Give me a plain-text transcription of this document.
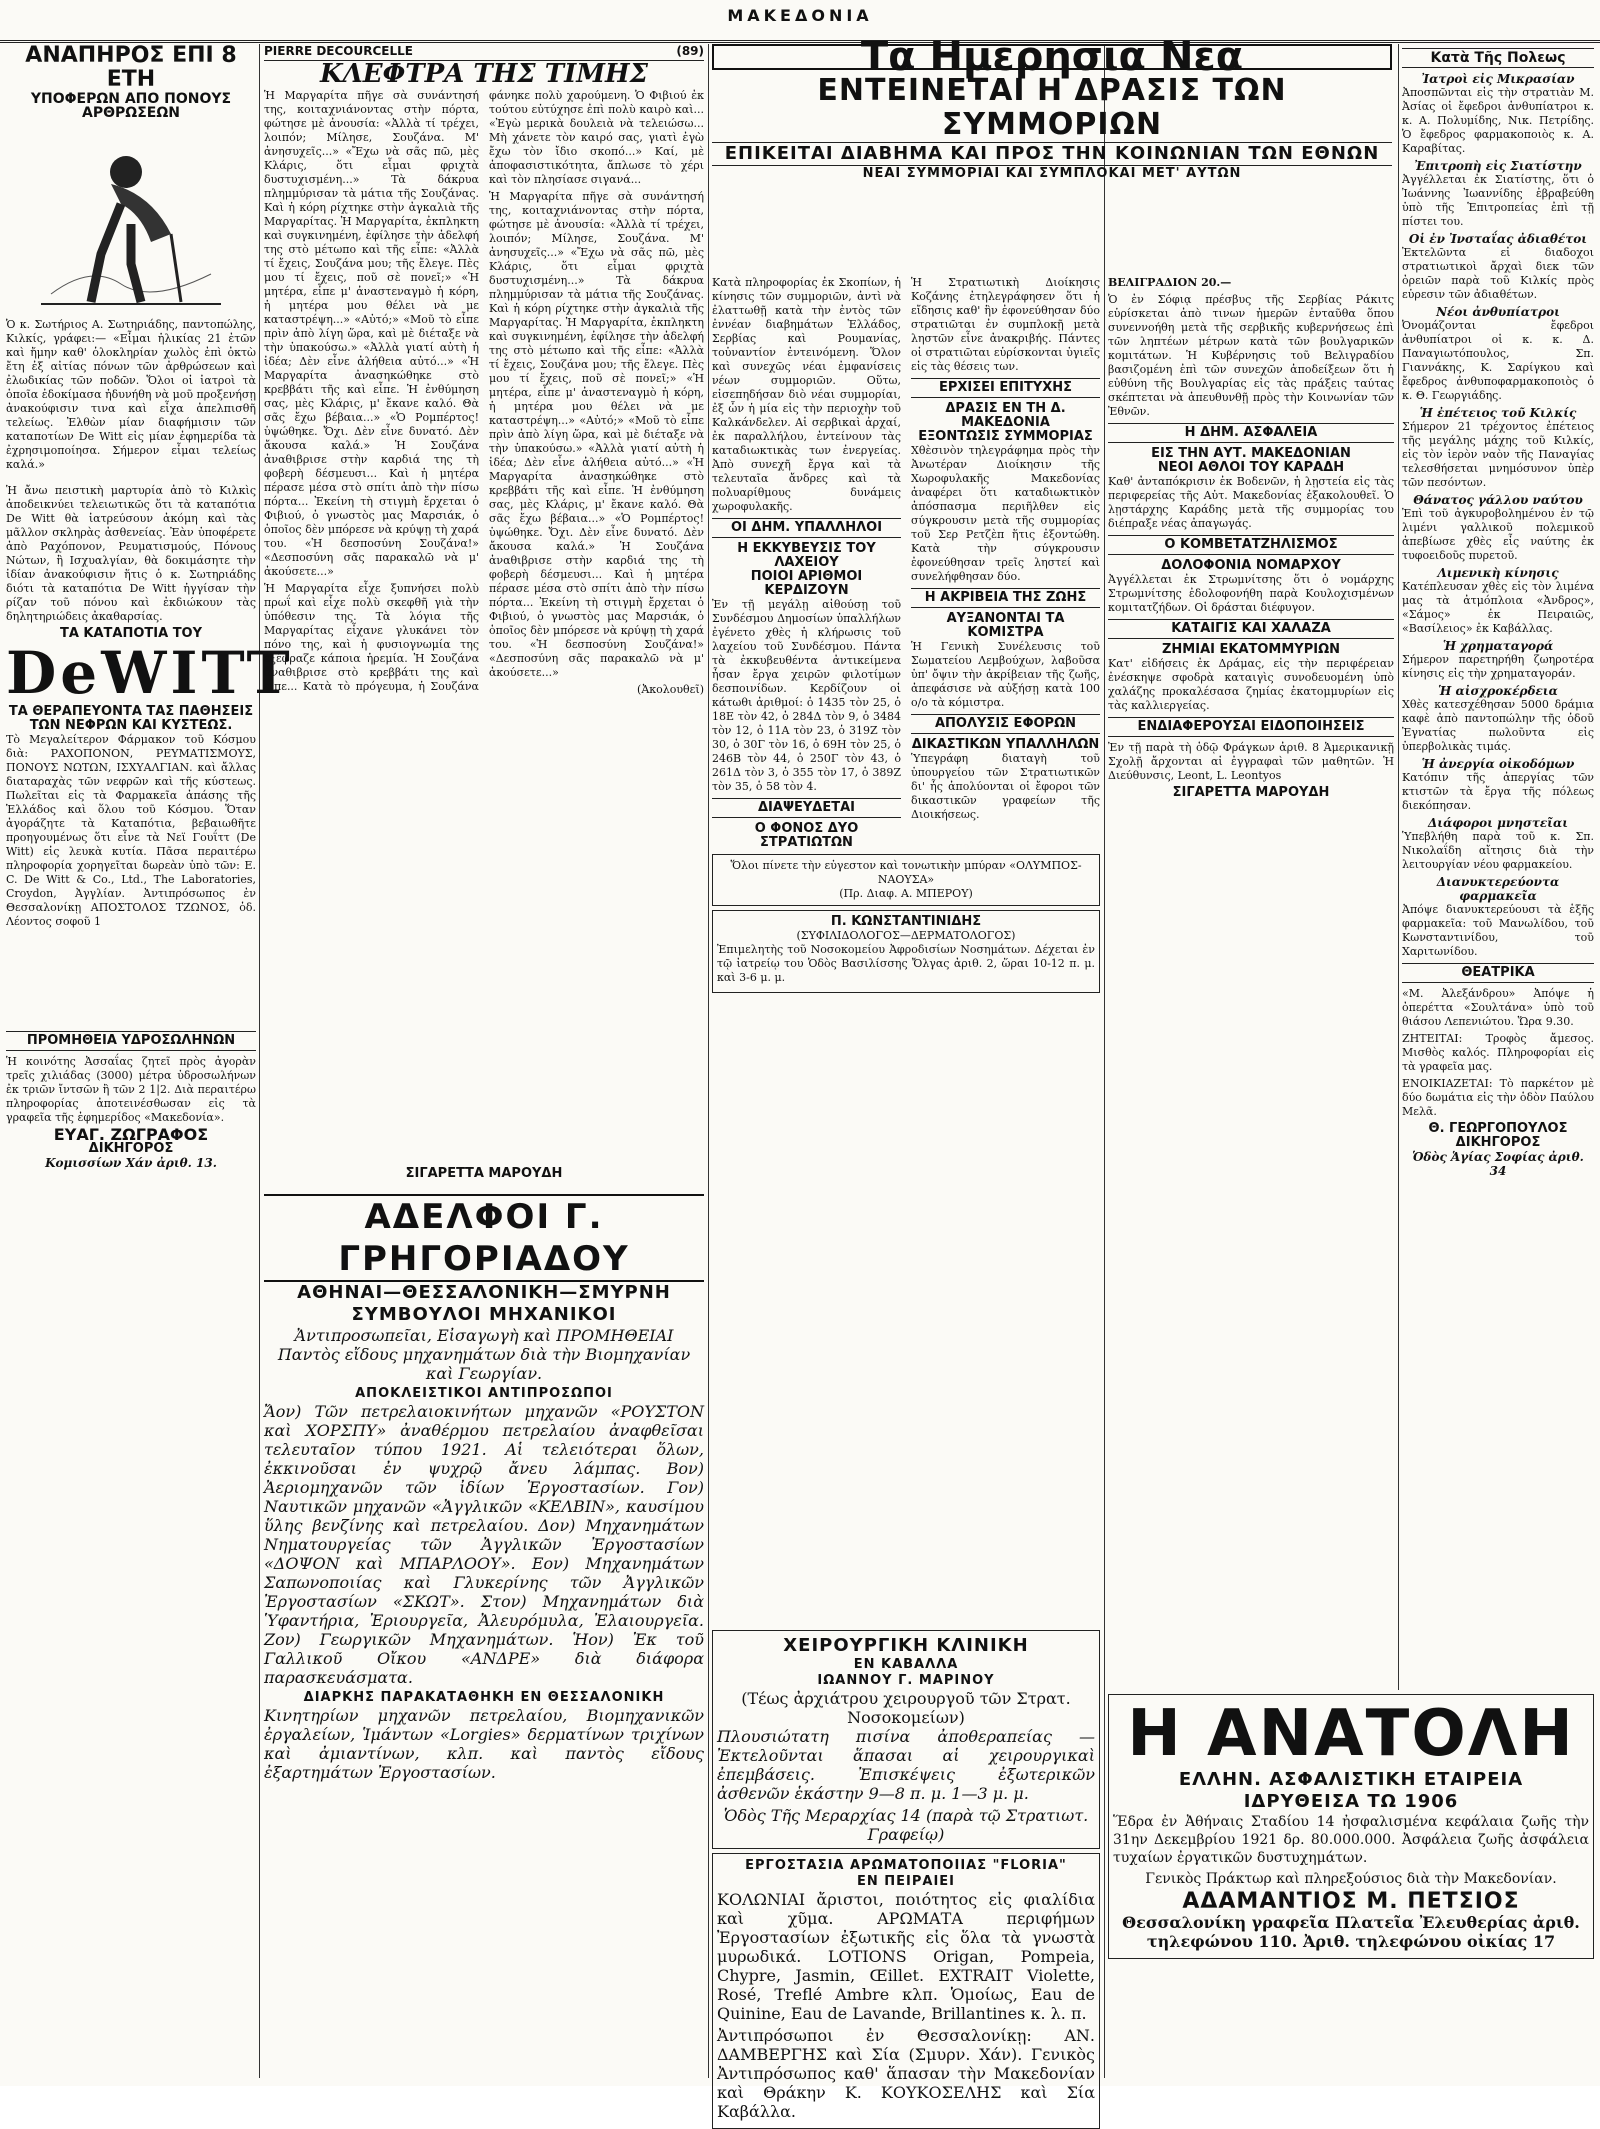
ΜΑΚΕΔΟΝΙΑ
ΑΝΑΠΗΡΟΣ ΕΠΙ 8 ΕΤΗ
ΥΠΟΦΕΡΩΝ ΑΠΟ ΠΟΝΟΥΣ ΑΡΘΡΩΣΕΩΝ

Ὁ κ. Σωτήριος Α. Σωτηριάδης, παντοπώλης, Κιλκίς, γράφει:— «Εἶμαι ἡλικίας 21 ἐτῶν καὶ ἤμην καθ' ὁλοκληρίαν χωλὸς ἐπὶ ὀκτὼ ἔτη ἐξ αἰτίας πόνων τῶν ἀρθρώσεων καὶ ἐλωδικίας τῶν ποδῶν. Ὅλοι οἱ ἰατροὶ τὰ ὁποῖα ἐδοκίμασα ἠδυνήθη νὰ μοῦ προξενήσῃ ἀνακούφισιν τινα καὶ εἶχα ἀπελπισθῆ τελείως. Ἐλθὼν μίαν διαφήμισιν τῶν καταποτίων De Witt εἰς μίαν ἐφημερίδα τὰ ἐχρησιμοποίησα. Σήμερον εἶμαι τελείως καλά.»

Ἡ ἄνω πειστικὴ μαρτυρία ἀπὸ τὸ Κιλκὶς ἀποδεικνύει τελειωτικῶς ὅτι τὰ καταπότια De Witt θὰ ἰατρεύσουν ἀκόμη καὶ τὰς μᾶλλον σκληρὰς ἀσθενείας. Ἐὰν ὑποφέρετε ἀπὸ Ραχόπονον, Ρευματισμούς, Πόνους Νώτων, ἢ Ισχυαλγίαν, θὰ δοκιμάσητε τὴν ἰδίαν ἀνακούφισιν ἥτις ὁ κ. Σωτηριάδης διότι τὰ καταπότια De Witt ἠγγίσαν τὴν ρίζαν τοῦ πόνου καὶ ἐκδιώκουν τὰς δηλητηριώδεις ἀκαθαρσίας.

ΤΑ ΚΑΤΑΠΟΤΙΑ ΤΟΥ
DeWITT
ΤΑ ΘΕΡΑΠΕΥΟΝΤΑ ΤΑΣ ΠΑΘΗΣΕΙΣ ΤΩΝ ΝΕΦΡΩΝ ΚΑΙ ΚΥΣΤΕΩΣ.

Τὸ Μεγαλείτερον Φάρμακον τοῦ Κόσμου διὰ: ΡΑΧΟΠΟΝΟΝ, ΡΕΥΜΑΤΙΣΜΟΥΣ, ΠΟΝΟΥΣ ΝΩΤΩΝ, ΙΣΧΥΑΛΓΙΑΝ. καὶ ἄλλας διαταραχὰς τῶν νεφρῶν καὶ τῆς κύστεως. Πωλεῖται εἰς τὰ Φαρμακεῖα ἀπάσης τῆς Ἑλλάδος καὶ ὅλου τοῦ Κόσμου. Ὅταν ἀγοράζητε τὰ Καταπότια, βεβαιωθῆτε προηγουμένως ὅτι εἶνε τὰ Νεϊ Γουΐττ (De Witt) εἰς λευκὰ κυτία. Πᾶσα περαιτέρω πληροφορία χορηγεῖται δωρεὰν ὑπὸ τῶν: E. C. De Witt & Co., Ltd., The Laboratories, Croydon, Ἀγγλίαν. Ἀντιπρόσωπος ἐν Θεσσαλονίκῃ ΑΠΟΣΤΟΛΟΣ ΤΖΩΝΟΣ, ὁδ. Λέοντος σοφοῦ 1

ΠΡΟΜΗΘΕΙΑ ΥΔΡΟΣΩΛΗΝΩΝ

Ἡ κοινότης Ἀσσαΐας ζητεῖ πρὸς ἀγορὰν τρεῖς χιλιάδας (3000) μέτρα ὑδροσωλήνων ἐκ τριῶν ἴντσῶν ἢ τῶν 2 1|2. Διὰ περαιτέρω πληροφορίας ἀποτεινέσθωσαν εἰς τὰ γραφεῖα τῆς ἐφημερίδος «Μακεδονία».

ΕΥΑΓ. ΖΩΓΡΑΦΟΣ
ΔΙΚΗΓΟΡΟΣ
Κομισσίων Χάν ἀριθ. 13.
PIERRE DECOURCELLE	(89)
ΚΛΕΦΤΡΑ ΤΗΣ ΤΙΜΗΣ

Ἡ Μαργαρίτα πῆγε σὰ συνάντησή της, κοιταχνιάνοντας στὴν πόρτα, φώτησε μὲ ἀνουσία: «Ἀλλὰ τί τρέχει, λοιπόν; Μίλησε, Σουζάνα. Μ' ἀνησυχεῖς...» «Ἔχω νὰ σᾶς πῶ, μὲς Κλάρις, ὅτι εἶμαι φριχτὰ δυστυχισμένη...» Τὰ δάκρυα πλημμύρισαν τὰ μάτια τῆς Σουζάνας. Καὶ ἡ κόρη ρίχτηκε στὴν ἀγκαλιὰ τῆς Μαργαρίτας. Ἡ Μαργαρίτα, ἐκπληκτη καὶ συγκινημένη, ἐφίλησε τὴν ἀδελφή της στὸ μέτωπο καὶ τῆς εἶπε: «Ἀλλὰ τί ἔχεις, Σουζάνα μου; τῆς ἔλεγε. Πὲς μου τί ἔχεις, ποῦ σὲ πονεῖ;» «Ἡ μητέρα, εἶπε μ' ἀναστεναγμὸ ἡ κόρη, ἡ μητέρα μου θέλει νὰ με καταστρέψη...» «Αὐτό;» «Μοῦ τὸ εἶπε πρὶν ἀπὸ λίγη ὥρα, καὶ μὲ διέταξε νὰ τὴν ὑπακούσω.» «Ἀλλὰ γιατί αὐτὴ ἡ ἰδέα; Δὲν εἶνε ἀλήθεια αὐτό...» «Ἡ Μαργαρίτα ἀνασηκώθηκε στὸ κρεββάτι τῆς καὶ εἶπε. Ἡ ἐνθύμηση σας, μὲς Κλάρις, μ' ἔκανε καλό. Θὰ σᾶς ἔχω βέβαια...» «Ὁ Ρομπέρτος! ὑψώθηκε. Ὄχι. Δὲν εἶνε δυνατό. Δὲν ἄκουσα καλά.» Ἡ Σουζάνα ἀναθιβρισε στὴν καρδιά της τὴ φοβερὴ δέσμευσι... Καὶ ἡ μητέρα πέρασε μέσα στὸ σπίτι ἀπὸ τὴν πίσω πόρτα... Ἐκείνη τὴ στιγμὴ ἔρχεται ὁ Φιβιού, ὁ γνωστὸς μας Μαρσιάκ, ὁ ὁποῖος δὲν μπόρεσε νὰ κρύψῃ τὴ χαρά του. «Ἡ δεσποσύνη Σουζάνα!» «Δεσποσύνη σᾶς παρακαλῶ νὰ μ' ἀκούσετε...»

Ἡ Μαργαρίτα εἶχε ξυπνήσει πολὺ πρωΐ καὶ εἶχε πολὺ σκεφθῆ γιὰ τὴν ὑπόθεσιν της. Τὰ λόγια τῆς Μαργαρίτας εἶχανε γλυκάνει τὸν πόνο της, καὶ ἡ φυσιογνωμία της ἐξέφραζε κάποια ἡρεμία. Ἡ Σουζάνα ἀναθιβρισε στὸ κρεββάτι της καὶ εἶπε... Κατὰ τὸ πρόγευμα, ἡ Σουζάνα φάνηκε πολὺ χαρούμενη. Ὁ Φιβιού ἐκ τούτου εὐτύχησε ἐπὶ πολὺ καιρὸ καὶ... «Ἐγὼ μερικὰ δουλειὰ νὰ τελειώσω... Μὴ χάνετε τὸν καιρό σας, γιατὶ ἐγὼ ἔχω τὸν ἴδιο σκοπό...» Καί, μὲ ἀποφασιστικότητα, ἄπλωσε τὸ χέρι καὶ τὸν πλησίασε σιγανά...

Ἡ Μαργαρίτα πῆγε σὰ συνάντησή της, κοιταχνιάνοντας στὴν πόρτα, φώτησε μὲ ἀνουσία: «Ἀλλὰ τί τρέχει, λοιπόν; Μίλησε, Σουζάνα. Μ' ἀνησυχεῖς...» «Ἔχω νὰ σᾶς πῶ, μὲς Κλάρις, ὅτι εἶμαι φριχτὰ δυστυχισμένη...» Τὰ δάκρυα πλημμύρισαν τὰ μάτια τῆς Σουζάνας. Καὶ ἡ κόρη ρίχτηκε στὴν ἀγκαλιὰ τῆς Μαργαρίτας. Ἡ Μαργαρίτα, ἐκπληκτη καὶ συγκινημένη, ἐφίλησε τὴν ἀδελφή της στὸ μέτωπο καὶ τῆς εἶπε: «Ἀλλὰ τί ἔχεις, Σουζάνα μου; τῆς ἔλεγε. Πὲς μου τί ἔχεις, ποῦ σὲ πονεῖ;» «Ἡ μητέρα, εἶπε μ' ἀναστεναγμὸ ἡ κόρη, ἡ μητέρα μου θέλει νὰ με καταστρέψη...» «Αὐτό;» «Μοῦ τὸ εἶπε πρὶν ἀπὸ λίγη ὥρα, καὶ μὲ διέταξε νὰ τὴν ὑπακούσω.» «Ἀλλὰ γιατί αὐτὴ ἡ ἰδέα; Δὲν εἶνε ἀλήθεια αὐτό...» «Ἡ Μαργαρίτα ἀνασηκώθηκε στὸ κρεββάτι τῆς καὶ εἶπε. Ἡ ἐνθύμηση σας, μὲς Κλάρις, μ' ἔκανε καλό. Θὰ σᾶς ἔχω βέβαια...» «Ὁ Ρομπέρτος! ὑψώθηκε. Ὄχι. Δὲν εἶνε δυνατό. Δὲν ἄκουσα καλά.» Ἡ Σουζάνα ἀναθιβρισε στὴν καρδιά της τὴ φοβερὴ δέσμευσι... Καὶ ἡ μητέρα πέρασε μέσα στὸ σπίτι ἀπὸ τὴν πίσω πόρτα... Ἐκείνη τὴ στιγμὴ ἔρχεται ὁ Φιβιού, ὁ γνωστὸς μας Μαρσιάκ, ὁ ὁποῖος δὲν μπόρεσε νὰ κρύψῃ τὴ χαρά του. «Ἡ δεσποσύνη Σουζάνα!» «Δεσποσύνη σᾶς παρακαλῶ νὰ μ' ἀκούσετε...»

(Ἀκολουθεῖ)

ΣΙΓΑΡΕΤΤΑ ΜΑΡΟΥΔΗ
ΑΔΕΛΦΟΙ Γ. ΓΡΗΓΟΡΙΑΔΟΥ
ΑΘΗΝΑΙ—ΘΕΣΣΑΛΟΝΙΚΗ—ΣΜΥΡΝΗ
ΣΥΜΒΟΥΛΟΙ ΜΗΧΑΝΙΚΟΙ

Ἀντιπροσωπεῖαι, Εἰσαγωγὴ καὶ ΠΡΟΜΗΘΕΙΑΙ Παντὸς εἴδους μηχανημάτων διὰ τὴν Βιομηχανίαν καὶ Γεωργίαν.

ΑΠΟΚΛΕΙΣΤΙΚΟΙ ΑΝΤΙΠΡΟΣΩΠΟΙ

Ἄον) Τῶν πετρελαιοκινήτων μηχανῶν «ΡΟΥΣΤΟΝ καὶ ΧΟΡΣΠΥ» ἀναθέρμου πετρελαίου ἀναφθεῖσαι τελευταῖον τύπου 1921. Αἱ τελειότεραι ὅλων, ἐκκινοῦσαι ἐν ψυχρῷ ἄνευ λάμπας. Βον) Ἀεριομηχανῶν τῶν ἰδίων Ἐργοστασίων. Γον) Ναυτικῶν μηχανῶν «Ἀγγλικῶν «ΚΕΛΒΙΝ», καυσίμου ὕλης βενζίνης καὶ πετρελαίου. Δον) Μηχανημάτων Νηματουργείας τῶν Ἀγγλικῶν Ἐργοστασίων «ΔΟΨΟΝ καὶ ΜΠΑΡΛΟΟΥ». Εον) Μηχανημάτων Σαπωνοποιίας καὶ Γλυκερίνης τῶν Ἀγγλικῶν Ἐργοστασίων «ΣΚΩΤ». Στον) Μηχανημάτων διὰ Ὑφαντήρια, Ἐριουργεῖα, Ἀλευρόμυλα, Ἐλαιουργεῖα. Ζον) Γεωργικῶν Μηχανημάτων. Ἡον) Ἐκ τοῦ Γαλλικοῦ Οἴκου «ΑΝΔΡΕ» διὰ διάφορα παρασκευάσματα.

ΔΙΑΡΚΗΣ ΠΑΡΑΚΑΤΑΘΗΚΗ ΕΝ ΘΕΣΣΑΛΟΝΙΚΗ

Κινητηρίων μηχανῶν πετρελαίου, Βιομηχανικῶν ἐργαλείων, Ἱμάντων «Lorgies» δερματίνων τριχίνων καὶ ἀμιαντίνων, κλπ. καὶ παντὸς εἴδους ἐξαρτημάτων Ἐργοστασίων.

Τα Ημερησια Νεα
ΕΝΤΕΙΝΕΤΑΙ Η ΔΡΑΣΙΣ ΤΩΝ ΣΥΜΜΟΡΙΩΝ
ΕΠΙΚΕΙΤΑΙ ΔΙΑΒΗΜΑ ΚΑΙ ΠΡΟΣ ΤΗΝ ΚΟΙΝΩΝΙΑΝ ΤΩΝ ΕΘΝΩΝ
ΝΕΑΙ ΣΥΜΜΟΡΙΑΙ ΚΑΙ ΣΥΜΠΛΟΚΑΙ ΜΕΤ' ΑΥΤΩΝ

Κατὰ πληροφορίας ἐκ Σκοπίων, ἡ κίνησις τῶν συμμοριῶν, ἀντὶ νὰ ἐλαττωθῇ κατὰ τὴν ἐντὸς τῶν ἐννέαν διαβημάτων Ἑλλάδος, Σερβίας καὶ Ρουμανίας, τοὐναντίον ἐντεινόμενη. Ὅλον καὶ συνεχῶς νέαι ἐμφανίσεις νέων συμμοριῶν. Οὕτω, εἰσεπηδήσαν διὸ νέαι συμμορίαι, ἐξ ὧν ἡ μία εἰς τὴν περιοχὴν τοῦ Καλκάνδελεν. Αἱ σερβικαὶ ἀρχαί, ἐκ παραλλήλου, ἐντείνουν τὰς καταδιωκτικὰς των ἐνεργείας. Ἀπὸ συνεχῆ ἔργα καὶ τὰ τελευταῖα ἄνδρες καὶ τὰ πολυαρίθμους δυνάμεις χωροφυλακῆς.

ΟΙ ΔΗΜ. ΥΠΑΛΛΗΛΟΙ
Η ΕΚΚΥΒΕΥΣΙΣ ΤΟΥ ΛΑΧΕΙΟΥ
ΠΟΙΟΙ ΑΡΙΘΜΟΙ ΚΕΡΔΙΖΟΥΝ

Ἐν τῇ μεγάλῃ αἰθούσῃ τοῦ Συνδέσμου Δημοσίων ὑπαλλήλων ἐγένετο χθὲς ἡ κλήρωσις τοῦ λαχείου τοῦ Συνδέσμου. Πάντα τὰ ἐκκυβευθέντα ἀντικείμενα ἦσαν ἔργα χειρῶν φιλοτίμων δεσποινίδων. Κερδίζουν οἱ κάτωθι ἀριθμοί: ὁ 1435 τὸν 25, ὁ 18Ε τὸν 42, ὁ 284Δ τὸν 9, ὁ 3484 τὸν 12, ὁ 11Α τὸν 23, ὁ 319Ζ τὸν 30, ὁ 30Γ τὸν 16, ὁ 69Η τὸν 25, ὁ 246Β τὸν 44, ὁ 250Γ τὸν 43, ὁ 261Δ τὸν 3, ὁ 355 τὸν 17, ὁ 389Ζ τὸν 35, ὁ 58 τὸν 4.

ΔΙΑΨΕΥΔΕΤΑΙ
Ο ΦΟΝΟΣ ΔΥΟ ΣΤΡΑΤΙΩΤΩΝ

Ἡ Στρατιωτικὴ Διοίκησις Κοζάνης ἐτηλεγράφησεν ὅτι ἡ εἴδησις καθ' ἣν ἐφονεύθησαν δύο στρατιῶται ἐν συμπλοκῇ μετὰ ληστῶν εἶνε ἀνακριβής. Πάντες οἱ στρατιῶται εὑρίσκονται ὑγιεῖς εἰς τὰς θέσεις των.

ΕΡΧΙΣΕΙ ΕΠΙΤΥΧΗΣ
ΔΡΑΣΙΣ ΕΝ ΤΗ Δ. ΜΑΚΕΔΟΝΙΑ
ΕΞΟΝΤΩΣΙΣ ΣΥΜΜΟΡΙΑΣ

Χθὲσινὸν τηλεγράφημα πρὸς τὴν Ἀνωτέραν Διοίκησιν τῆς Χωροφυλακῆς Μακεδονίας ἀναφέρει ὅτι καταδιωκτικὸν ἀπόσπασμα περιῆλθεν εἰς σύγκρουσιν μετὰ τῆς συμμορίας τοῦ Σερ Ρετζὲπ ἥτις ἐξοντώθη. Κατὰ τὴν σύγκρουσιν ἐφονεύθησαν τρεῖς ληστεί καὶ συνελήφθησαν δύο.

Η ΑΚΡΙΒΕΙΑ ΤΗΣ ΖΩΗΣ
ΑΥΞΑΝΟΝΤΑΙ ΤΑ ΚΟΜΙΣΤΡΑ

Ἡ Γενικὴ Συνέλευσις τοῦ Σωματείου Λεμβούχων, λαβοῦσα ὑπ' ὄψιν τὴν ἀκρίβειαν τῆς ζωῆς, ἀπεφάσισε νὰ αὐξήσῃ κατὰ 100 ο/ο τὰ κόμιστρα.

ΑΠΟΛΥΣΙΣ ΕΦΟΡΩΝ
ΔΙΚΑΣΤΙΚΩΝ ΥΠΑΛΛΗΛΩΝ

Ὑπεγράφη διαταγὴ τοῦ ὑπουργείου τῶν Στρατιωτικῶν δι' ἧς ἀπολύονται οἱ ἔφοροι τῶν δικαστικῶν γραφείων τῆς Διοικήσεως.

Ὅλοι πίνετε τὴν εὐγεστον καὶ τονωτικὴν μπύραν «ΟΛΥΜΠΟΣ-ΝΑΟΥΣΑ»
(Πρ. Διαφ. Α. ΜΠΕΡΟΥ)
Π. ΚΩΝΣΤΑΝΤΙΝΙΔΗΣ
(ΣΥΦΙΛΙΔΟΛΟΓΟΣ—ΔΕΡΜΑΤΟΛΟΓΟΣ)

Ἐπιμελητὴς τοῦ Νοσοκομείου Ἀφροδισίων Νοσημάτων. Δέχεται ἐν τῷ ἰατρείῳ του Ὁδὸς Βασιλίσσης Ὄλγας ἀριθ. 2, ὥραι 10-12 π. μ. καὶ 3-6 μ. μ.

ΒΕΛΙΓΡΑΔΙΟΝ 20.—

Ὁ ἐν Σόφιᾳ πρέσβυς τῆς Σερβίας Ράκιτς εὑρίσκεται ἀπὸ τινων ἡμερῶν ἐνταῦθα ὅπου συνεννοήθη μετὰ τῆς σερβικῆς κυβερνήσεως ἐπὶ τῶν ληπτέων μέτρων κατὰ τῶν βουλγαρικῶν κομιτάτων. Ἡ Κυβέρνησις τοῦ Βελιγραδίου βασιζομένη ἐπὶ τῶν συνεχῶν ἀποδείξεων ὅτι ἡ εὐθύνη τῆς Βουλγαρίας εἰς τὰς πράξεις ταύτας σκέπτεται νὰ ἀπευθυνθῇ πρὸς τὴν Κοινωνίαν τῶν Ἐθνῶν.

Η ΔΗΜ. ΑΣΦΑΛΕΙΑ
ΕΙΣ ΤΗΝ ΑΥΤ. ΜΑΚΕΔΟΝΙΑΝ
ΝΕΟΙ ΑΘΛΟΙ ΤΟΥ ΚΑΡΑΔΗ

Καθ' ἀνταπόκρισιν ἐκ Βοδενῶν, ἡ λῃστεία εἰς τὰς περιφερείας τῆς Αὐτ. Μακεδονίας ἐξακολουθεῖ. Ὁ λῃστάρχης Καράδης μετὰ τῆς συμμορίας του διέπραξε νέας ἀπαγωγάς.

Ο ΚΟΜΒΕΤΑΤΖΗΛΙΣΜΟΣ
ΔΟΛΟΦΟΝΙΑ ΝΟΜΑΡΧΟΥ

Ἀγγέλλεται ἐκ Στρωμνίτσης ὅτι ὁ νομάρχης Στρωμνίτσης ἐδολοφονήθη παρὰ Κουλοχισμένων κομιτατζήδων. Οἱ δράσται διέφυγον.

ΚΑΤΑΙΓΙΣ ΚΑΙ ΧΑΛΑΖΑ
ΖΗΜΙΑΙ ΕΚΑΤΟΜΜΥΡΙΩΝ

Κατ' εἰδήσεις ἐκ Δράμας, εἰς τὴν περιφέρειαν ἐνέσκηψε σφοδρὰ καταιγὶς συνοδευομένη ὑπὸ χαλάζης προκαλέσασα ζημίας ἐκατομμυρίων εἰς τὰς καλλιεργείας.

ΕΝΔΙΑΦΕΡΟΥΣΑΙ ΕΙΔΟΠΟΙΗΣΕΙΣ

Ἐν τῇ παρὰ τὴ ὁδῷ Φράγκων ἀριθ. 8 Ἀμερικανικῇ Σχολῇ ἄρχονται αἱ ἐγγραφαὶ τῶν μαθητῶν. Ἡ Διεύθυνσις, Leont, L. Leontyos

ΣΙΓΑΡΕΤΤΑ ΜΑΡΟΥΔΗ
Κατὰ Τῆς Πολεως
Ἰατροὶ εἰς Μικρασίαν

Ἀποσπῶνται εἰς τὴν στρατιὰν Μ. Ἀσίας οἱ ἔφεδροι ἀνθυπίατροι κ. κ. Α. Πολυμίδης, Νικ. Πετρίδης. Ὁ ἔφεδρος φαρμακοποιὸς κ. Α. Καραβίτας.

Ἐπιτροπὴ εἰς Σιατίστην

Ἀγγέλλεται ἐκ Σιατίστης, ὅτι ὁ Ἰωάννης Ἰωαννίδης ἐβραβεύθη ὑπὸ τῆς Ἑπιτροπείας ἐπὶ τῇ πίστει του.

Οἱ ἐν Ἰνσταΐας ἀδιαθέτοι

Ἐκτελῶντα εἰ διαδοχοι στρατιωτικοὶ ἄρχαὶ διεκ τῶν ὀρειῶν παρὰ τοῦ Κιλκίς πρὸς εὑρεσιν τῶν ἀδιαθέτων.

Νέοι ἀνθυπίατροι

Ὀνομάζονται ἔφεδροι ἀνθυπίατροι οἱ κ. κ. Δ. Παναγιωτόπουλος, Σπ. Γιαννάκης, Κ. Σαρίγκου καὶ ἔφεδρος ἀνθυποφαρμακοποιὸς ὁ κ. Θ. Γεωργιάδης.

Ἡ ἐπέτειος τοῦ Κιλκίς

Σήμερον 21 τρέχοντος ἐπέτειος τῆς μεγάλης μάχης τοῦ Κιλκίς, εἰς τὸν ἱερὸν ναὸν τῆς Παναγίας τελεσθήσεται μνημόσυνον ὑπὲρ τῶν πεσόντων.

Θάνατος γάλλου ναύτου

Ἐπὶ τοῦ ἀγκυροβολημένου ἐν τῷ λιμένι γαλλικοῦ πολεμικοῦ ἀπεβίωσε χθὲς εἷς ναύτης ἐκ τυφοειδοῦς πυρετοῦ.

Λιμενικὴ κίνησις

Κατέπλευσαν χθὲς εἰς τὸν λιμένα μας τὰ ἀτμόπλοια «Ἀνδρος», «Σάμος» ἐκ Πειραιῶς, «Βασίλειος» ἐκ Καβάλλας.

Ἡ χρηματαγορά

Σήμερον παρετηρήθη ζωηροτέρα κίνησις εἰς τὴν χρηματαγοράν.

Ἡ αἰσχροκέρδεια

Χθὲς κατεσχέθησαν 5000 δράμια καφὲ ἀπὸ παντοπώλην τῆς ὁδοῦ Ἐγνατίας πωλοῦντα εἰς ὑπερβολικὰς τιμάς.

Ἡ ἀνεργία οἰκοδόμων

Κατόπιν τῆς ἀπεργίας τῶν κτιστῶν τὰ ἔργα τῆς πόλεως διεκόπησαν.

Διάφοροι μνηστεῖαι

Ὑπεβλήθη παρὰ τοῦ κ. Σπ. Νικολαΐδη αἴτησις διὰ τὴν λειτουργίαν νέου φαρμακείου.

Διανυκτερεύοντα φαρμακεῖα

Ἀπόψε διανυκτερεύουσι τὰ ἑξῆς φαρμακεῖα: τοῦ Μανωλίδου, τοῦ Κωνσταντινίδου, τοῦ Χαριτωνίδου.

ΘΕΑΤΡΙΚΑ

«Μ. Ἀλεξάνδρου» Ἀπόψε ἡ ὀπερέττα «Σουλτάνα» ὑπὸ τοῦ θιάσου Λεπενιώτου. Ὥρα 9.30.

ΖΗΤΕΙΤΑΙ: Τροφὸς ἄμεσος. Μισθὸς καλός. Πληροφορίαι εἰς τὰ γραφεῖα μας.

ΕΝΟΙΚΙΑΖΕΤΑΙ: Τὸ παρκέτον μὲ δύο δωμάτια εἰς τὴν ὁδὸν Παύλου Μελᾶ.

Θ. ΓΕΩΡΓΟΠΟΥΛΟΣ
ΔΙΚΗΓΟΡΟΣ
Ὁδὸς Ἁγίας Σοφίας ἀριθ. 34
ΧΕΙΡΟΥΡΓΙΚΗ ΚΛΙΝΙΚΗ
ΕΝ ΚΑΒΑΛΛΑ
ΙΩΑΝΝΟΥ Γ. ΜΑΡΙΝΟΥ
(Τέως ἀρχιάτρου χειρουργοῦ τῶν Στρατ. Νοσοκομείων)

Πλουσιώτατη πισίνα ἀποθεραπείας — Ἐκτελοῦνται ἅπασαι αἱ χειρουργικαὶ ἐπεμβάσεις. Ἐπισκέψεις ἐξωτερικῶν ἀσθενῶν ἑκάστην 9—8 π. μ. 1—3 μ. μ.

Ὁδὸς Τῆς Μεραρχίας 14 (παρὰ τῷ Στρατιωτ. Γραφείῳ)
ΕΡΓΟΣΤΑΣΙΑ ΑΡΩΜΑΤΟΠΟΙΙΑΣ "FLORIA"
ΕΝ ΠΕΙΡΑΙΕΙ

ΚΟΛΩΝΙΑΙ ἄριστοι, ποιότητος εἰς φιαλίδια καὶ χῦμα. ΑΡΩΜΑΤΑ περιφήμων Ἐργοστασίων ἐξωτικῆς εἰς ὅλα τὰ γνωστὰ μυρωδικά. LOTIONS Origan, Pompeia, Chypre, Jasmin, Œillet. EXTRAIT Violette, Rosé, Treflé Ambre κλπ. Ὁμοίως, Eau de Quinine, Eau de Lavande, Brillantines κ. λ. π.

Ἀντιπρόσωποι ἐν Θεσσαλονίκῃ: ΑΝ. ΔΑΜΒΕΡΓΗΣ καὶ Σία (Σμυρν. Χάν). Γενικὸς Ἀντιπρόσωπος καθ' ἅπασαν τὴν Μακεδονίαν καὶ Θράκην Κ. ΚΟΥΚΟΣΕΛΗΣ καὶ Σία Καβάλλα.

Η ΑΝΑΤΟΛΗ
ΕΛΛΗΝ. ΑΣΦΑΛΙΣΤΙΚΗ ΕΤΑΙΡΕΙΑ
ΙΔΡΥΘΕΙΣΑ ΤΩ 1906

Ἕδρα ἐν Ἀθήναις Σταδίου 14 ἠσφαλισμένα κεφάλαια ζωῆς τὴν 31ην Δεκεμβρίου 1921 δρ. 80.000.000. Ἀσφάλεια ζωῆς ἀσφάλεια τυχαίων ἐργατικῶν δυστυχημάτων.

Γενικὸς Πράκτωρ καὶ πληρεξούσιος διὰ τὴν Μακεδονίαν.

ΑΔΑΜΑΝΤΙΟΣ Μ. ΠΕΤΣΙΟΣ

Θεσσαλονίκη γραφεῖα Πλατεῖα Ἐλευθερίας ἀριθ. τηλεφώνου 110. Ἀριθ. τηλεφώνου οἰκίας 17
